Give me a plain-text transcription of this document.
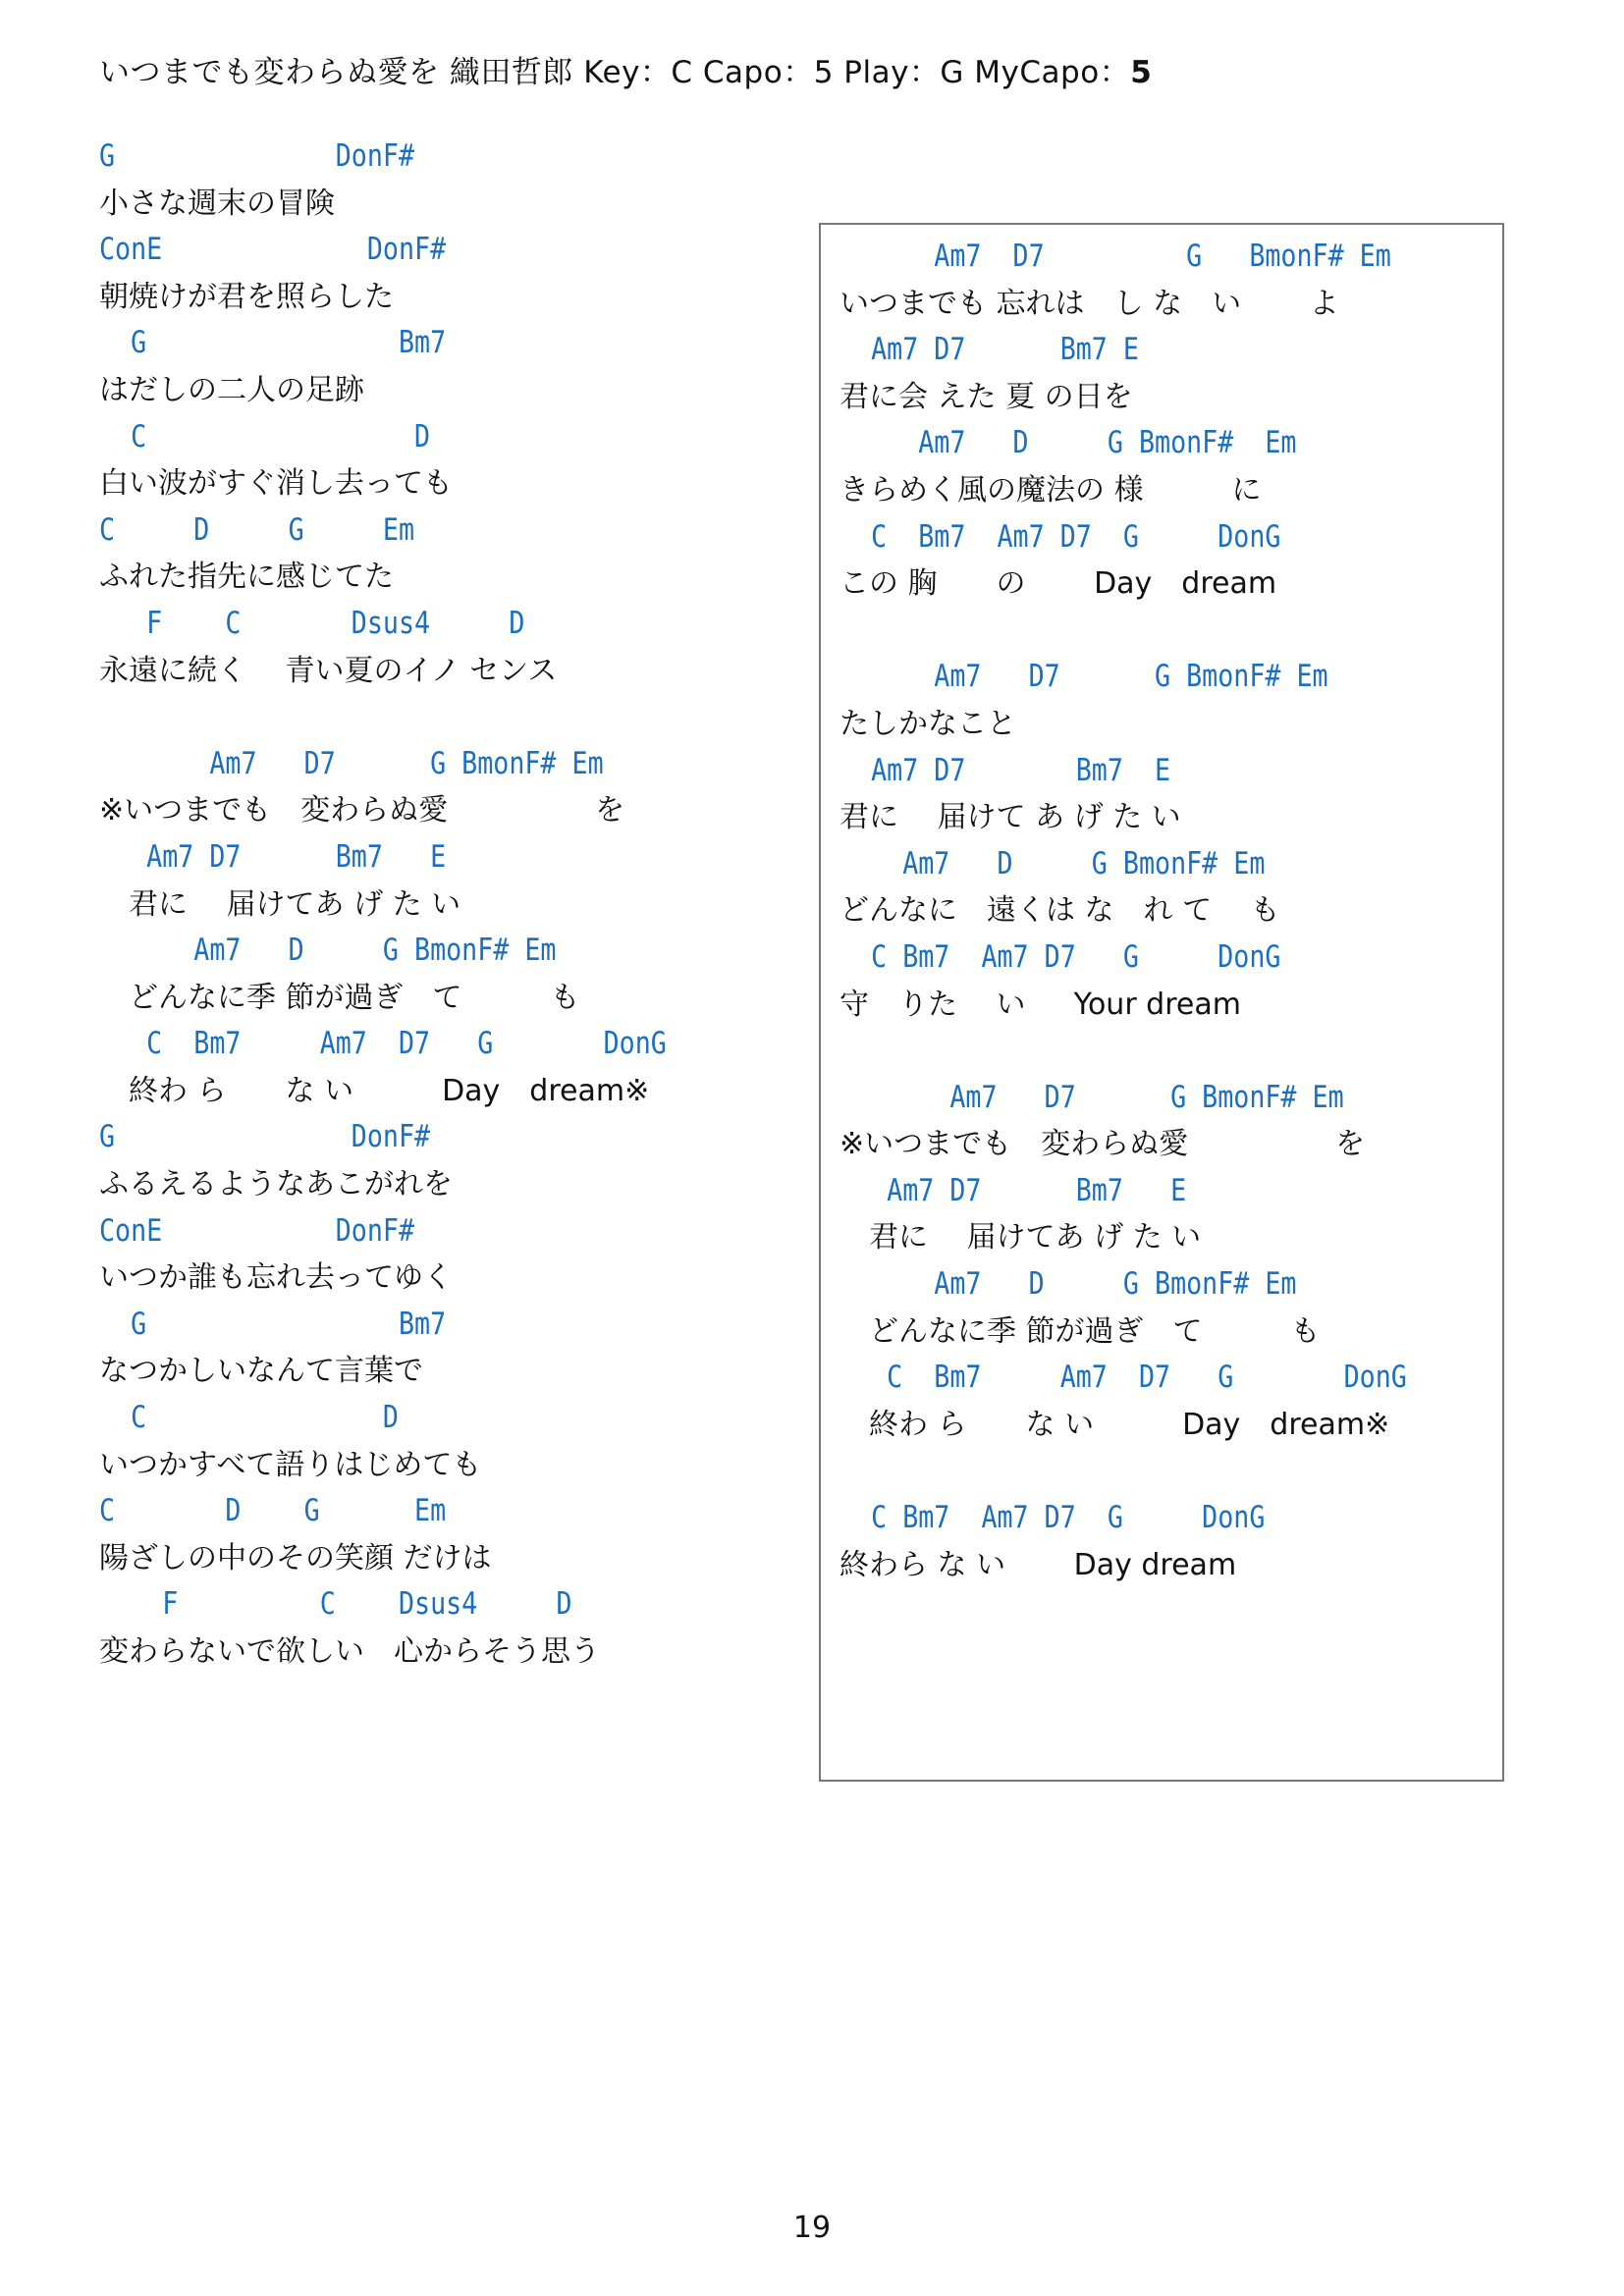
いつまでも変わらぬ愛を 織田哲郎 Key：C Capo：5 Play：G MyCapo：5
G              DonF#
小さな週末の冒険
ConE             DonF#
朝焼けが君を照らした
G                Bm7
はだしの二人の足跡
C                 D
白い波がすぐ消し去っても
C     D     G     Em
ふれた指先に感じてた
F    C       Dsus4     D
永遠に続く　 青い夏のイノ センス
Am7   D7      G BmonF# Em
※いつまでも　変わらぬ愛　　　　　を
Am7 D7      Bm7   E
　君に　 届けてあ げ た い
Am7   D     G BmonF# Em
　どんなに季 節が過ぎ　て　　　も
C  Bm7     Am7  D7   G       DonG
　終わ ら　　な い　　　Day　dream※
G               DonF#
ふるえるようなあこがれを
ConE           DonF#
いつか誰も忘れ去ってゆく
G                Bm7
なつかしいなんて言葉で
C               D
いつかすべて語りはじめても
C       D    G      Em
陽ざしの中のその笑顔 だけは
F         C    Dsus4     D
変わらないで欲しい　心からそう思う
Am7  D7         G   BmonF# Em
いつまでも 忘れは　し な　い　　 よ
Am7 D7      Bm7 E
君に会 えた 夏 の日を
Am7   D     G BmonF#  Em
きらめく風の魔法の 様　　　に
C  Bm7  Am7 D7  G     DonG
この 胸　　の　　 Day　dream
Am7   D7      G BmonF# Em
たしかなこと
Am7 D7       Bm7  E
君に　 届けて あ げ た い
Am7   D     G BmonF# Em
どんなに　遠くは な　れ て　 も
C Bm7  Am7 D7   G     DonG
守　りた　 い　  Your dream
Am7   D7      G BmonF# Em
※いつまでも　変わらぬ愛　　　　　を
Am7 D7      Bm7   E
　君に　 届けてあ げ た い
Am7   D     G BmonF# Em
　どんなに季 節が過ぎ　て　　　も
C  Bm7     Am7  D7   G       DonG
　終わ ら　　な い　　　Day　dream※
C Bm7  Am7 D7  G     DonG
終わら な い　　 Day dream
19
